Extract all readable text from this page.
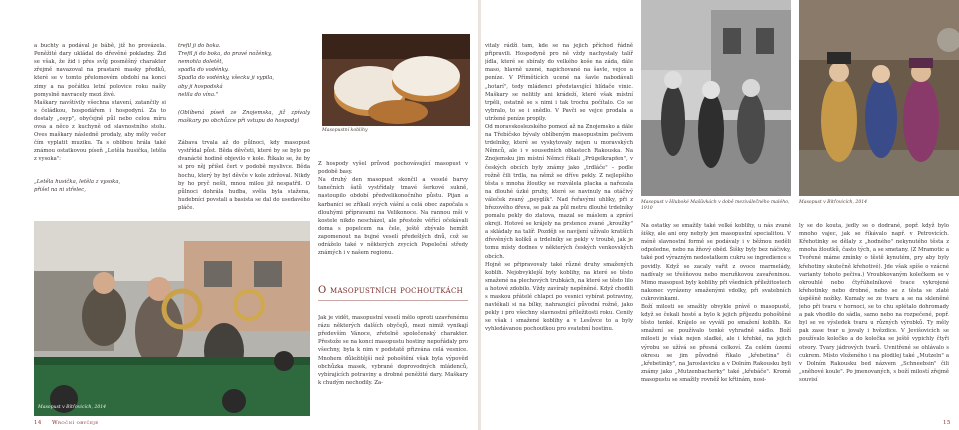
a buchty a podával je bábě, již ho provázela. Peněžité dary ukládal do dřevěné pokladny. Žid se však, že žid i přes svůj posměšný charakter zřejmě navazoval na prastaré masky předků, které se v tomto přelomovém období na konci zimy a na počátku letní polovice roku našly pomyslně navracely mezi živé.
Maškary navštívily všechna stavení, zatančily si s čeládkou, hospodářem i hospodyní. Za to dostaly „osyp", obyčejně půl nebo celou míru ovsa a něco z kuchyně od slavnostního stolu. Oves maškary následně prodaly, aby měly večer čím vyplatit muziku. Ta s oblibou hrála také známou ostatkovou píseň „Letěla husička, letěla z vysoka":

„Letěla husička, letěla z vysoka,
přišel na ni střelec,

trefil ji do boka.
Trefil ji do boka, do pravé nožénky,
nemohla doletět,
spadla do vodénky.
Spadla do vodénky, všecku ji vypila,
aby ji hospodská
nelila do vína."

(Oblíbená píseň ze Znojemska, již zpívaly maškary po obchůzce při vstupu do hospody)

Zábava trvala až do půlnoci, kdy masopust vystřídal půst. Běda děvčeti, které by se bylo po dvanácté hodině objevilo v kole. Říkalo se, že by si pro něj přišel čert v podobě myslivce. Běda hochu, který by byl děvče v kole zdržoval. Nikdy by ho pryč nešli, mnou milou již nespatřil. O půlnoci dohrála hudba, svěla byla stažena, hudebníci povstali a basista se dal do usedavého pláče.

Masopust v Bítřovicích, 2014
Masopustní koblihy

Z hospody vyšel průvod pochovávající masopust v podobě basy.
Na druhý den masopust skončil a veselé barvy tanečních šatů vystřídaly tmavé šerkové sukně, nastoupilo období předvelikonočního půstu. Pijan a karbaníci se zříkali svých vášní a celá obec započala s dlouhými přípravami na Velikonoce. Na rannou mši v kostele nikdo nescházel, ale přestože věřící očekávali doma s popelcem na čele, ještě zbývalo hemžit zapomenout na bujné veselí předešlých dnů, což se odráželo také v některých zvycích Popeleční středy známých i v našem regionu.

O masopustních pochoutkách

Jak je vidět, masopustní veselí mělo oproti uzavřenému rázu některých dalších obyčejů, mezi nimiž vynikají především Vánoce, zřetelně společenský charakter. Přestože se na konci masopustu hostiny nepořádaly pro všechny, byla k nim v podstatě přizvána celá vesnice. Mnohem důležitější než pohoštění však byla výpověď obchůzka masek, vybrané doprovodných mládenců, vybírajících potraviny a drobné peněžité dary. Maškary k chudým nechodily. Za-

14 Wroční obyčeje

vitaly rádži tam, kde se na jejich příchod řádně připravili. Hospodyně pro ně vždy nachystaly talíř jídla, které se sbíraly do velkého koše na záda, dále maso, hlavně uzené, napichované na šavle, vejce a peníze. V Přímětících ucené na šavle nabodávali „hotarí", tedy mládenci představující hlídače vinic. Maškary se nelitily ani krádeží, které však místní trpěli, ostatně se s nimi i tak trochu počítalo. Co se vybralo, to se i snědlo. V Pavči se vejce prodala a utržené peníze propily.
Od moravskoslezského pomezí až na Znojemsko a dále na Třebíčsko bývaly oblíbeným masopustním pečivem trdelníky, které se vyskytovaly nejen u moravských Němců, ale i v sousedních oblastech Rakouska. Na Znojemsku jim místní Němci říkali „Prügelkrapfen", v českých obcích byly známy jako „trdláče" – podle rožně čili trdla, na němž se dříve pekly. Z nejlepšího těsta s mnoha žloutky se rozválela placka a nařezala na dlouhé úzké pruhy, které se navinuly na otáčivý váleček zvaný „peyglík". Nad řeřavými uhlíky, při z březového dřeva, se pak za půl metru dlouhé trdelníky pomalu pekly do zlatova, mazal se máslem a zpráví okreji. Hotové se krájely na prstence zvané „kroužky" a skládaly na talíř. Později se navíjení užívalo kratších dřevěných kolíků a trdelníky se pekly v troubě, jak je tomu místy dodnes v některých českých venkovských obcích.
Hojně se připravovaly také různé druhy smažených koblih. Nejobvyklejší byly koblihy, na které se těsto smažené na plechových trubkách, na které se těsto lilo a hotové zdobilo. Vždy zavíraly nepěněné. Když chodili s maskou přátelé chlapci po vesnici vybírat potraviny, navlékali si na bílky, nahrazující původní rožně, jako pekly i pro všechny slavnostní příležitosti roku. Cenily se však i smažené koblihy a v Lesůvce to a byly vyhledávanou pochoutkou pro svatební hostinu.

Masopust v Hluboké Mašůvkách v době meziválečného malého, 1910

Na ostatky se smažily také velké koblihy, u nás zvané šišky, ale ani ony nebyly jen masopustní specialitou. V méně slavnostní formě se podávaly i v běžnou neděli odpoledne, nebo na žňový oběd. Šišky byly bez náčivky, také pod výrazným nedostatkem cukru se ingredience s povidly. Když se zacaly vařit z ovoce marmelády, nadívaly se třešňovou nebo meruňkovou zavařeninou. Mimo masopust byly koblihy při všedních příležitostech nakonec vyrázeny smaženými vdolky, při svatebních cukrovinkami.
Boží milosti se smažily obvykle právě o masopustě, když se čekali hosté a bylo k jejich příjezdu pohoštěné těsto tenké. Krájelo se vyválí po smažení koblih. Ke smažení se používalo tenké vyhradně sádlo. Boží milosti je však nejen sladké, ale i křehké, na jejich výrobu se užívá se přesná celkoví. Za celém území okresu se jim původně říkalo „křebetina" či „křebetinky", na Jaroslavicku a v Dolním Rakousku byli známy jako „Mutzenbacherky" také „křebáče". Kromě masopustu se smažily rovněž ke křtinám, nosi-

Masopust v Bítřovicích, 2014

ly se do kouta, jedly se o dodrané, popř. když bylo mnoho vajec, jak se říkávalo např. v Petrovicích. Křehotinky se dělaly z „hodného" nekynutého těsta z mnoha žloutků, často tých, a se smetany. (Z Mramotic a Tvořené máme zmínky o těstě kynutém, pry aby byly křehotiny skutečně křehotivé). Jde však spíše o vzácné varianty tohoto pečiva.) Vroubkovaným kolečkem se v okrouhlé nebo čtyřúhelníkové tvace vykrojené křehotinky nebo drobné, nebo se z těsta se zlaté úspěšně nožíky. Kumaly se ze tvaru a se na skleněné jeho při tvaru v hornoci, se to chu splétalo dohromady a pak vhodilo do sádla, samo nebo na rozpečené, popř. byl se ve výsledek tvaru u různých výrobků. Ty měly pak zase tvar u jovaly i hvězdice. V Jevišovicích se používalo kolečko a do kolečka se ještě vypichly čtyři otvory. Tvary jádrových tvarů. Uvnitřené se ohlávalo s cukrem. Místo vloženého i na plodilej také „Mutzeln" a v Dolním Rakousku bed názvem „Schneebsin" čili „sněhové koule". Po jmenovaných, s boží milostí zřejmě souvisí

15
